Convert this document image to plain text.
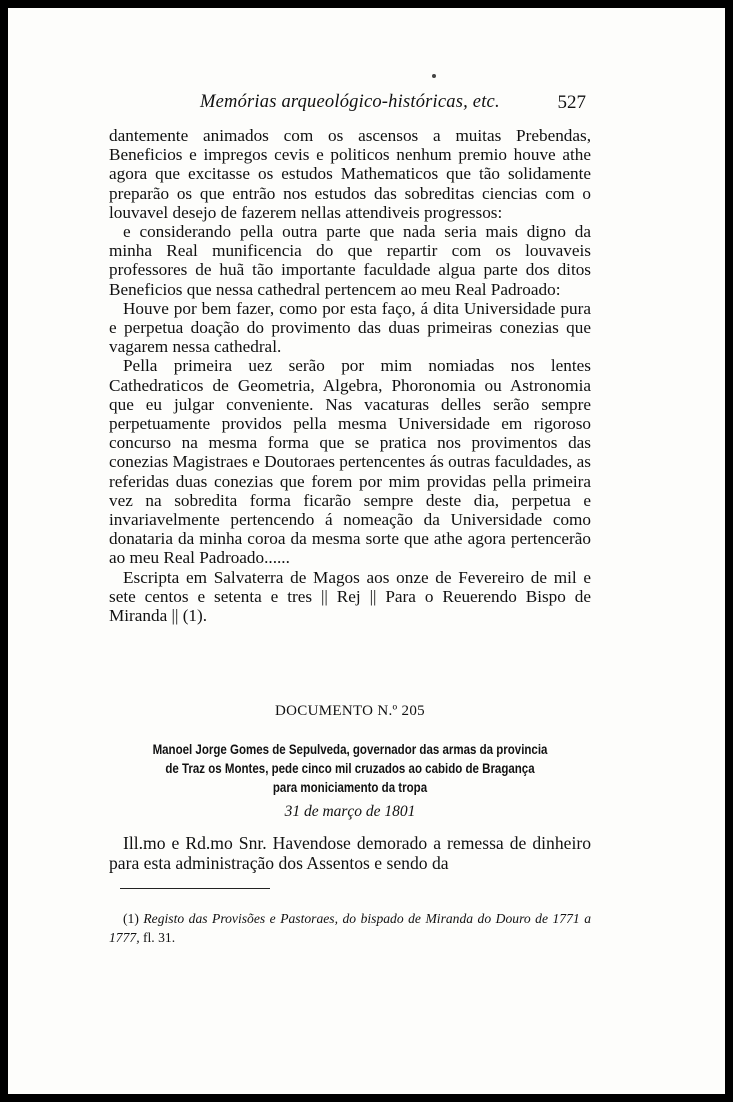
Memórias arqueológico-históricas, etc.	527

dantemente animados com os ascensos a muitas Prebendas, Beneficios e impregos cevis e politicos nenhum premio houve athe agora que excitasse os estudos Mathematicos que tão solidamente preparão os que entrão nos estudos das sobreditas ciencias com o louvavel desejo de fazerem nellas attendiveis progressos:

e considerando pella outra parte que nada seria mais digno da minha Real munificencia do que repartir com os louvaveis professores de huã tão importante faculdade algua parte dos ditos Beneficios que nessa cathedral pertencem ao meu Real Padroado:

Houve por bem fazer, como por esta faço, á dita Universidade pura e perpetua doação do provimento das duas primeiras conezias que vagarem nessa cathedral.

Pella primeira uez serão por mim nomiadas nos lentes Cathedraticos de Geometria, Algebra, Phoronomia ou Astronomia que eu julgar conveniente. Nas vacaturas delles serão sempre perpetuamente providos pella mesma Universidade em rigoroso concurso na mesma forma que se pratica nos provimentos das conezias Magistraes e Doutoraes pertencentes ás outras faculdades, as referidas duas conezias que forem por mim providas pella primeira vez na sobredita forma ficarão sempre deste dia, perpetua e invariavelmente pertencendo á nomeação da Universidade como donataria da minha coroa da mesma sorte que athe agora pertencerão ao meu Real Padroado......

Escripta em Salvaterra de Magos aos onze de Fevereiro de mil e sete centos e setenta e tres || Rej || Para o Reuerendo Bispo de Miranda || (1).

DOCUMENTO N.º 205
Manoel Jorge Gomes de Sepulveda, governador das armas da provincia
de Traz os Montes, pede cinco mil cruzados ao cabido de Bragança
para moniciamento da tropa
31 de março de 1801

Ill.mo e Rd.mo Snr. Havendose demorado a remessa de dinheiro para esta administração dos Assentos e sendo da

(1) Registo das Provisões e Pastoraes, do bispado de Miranda do Douro de 1771 a 1777, fl. 31.
